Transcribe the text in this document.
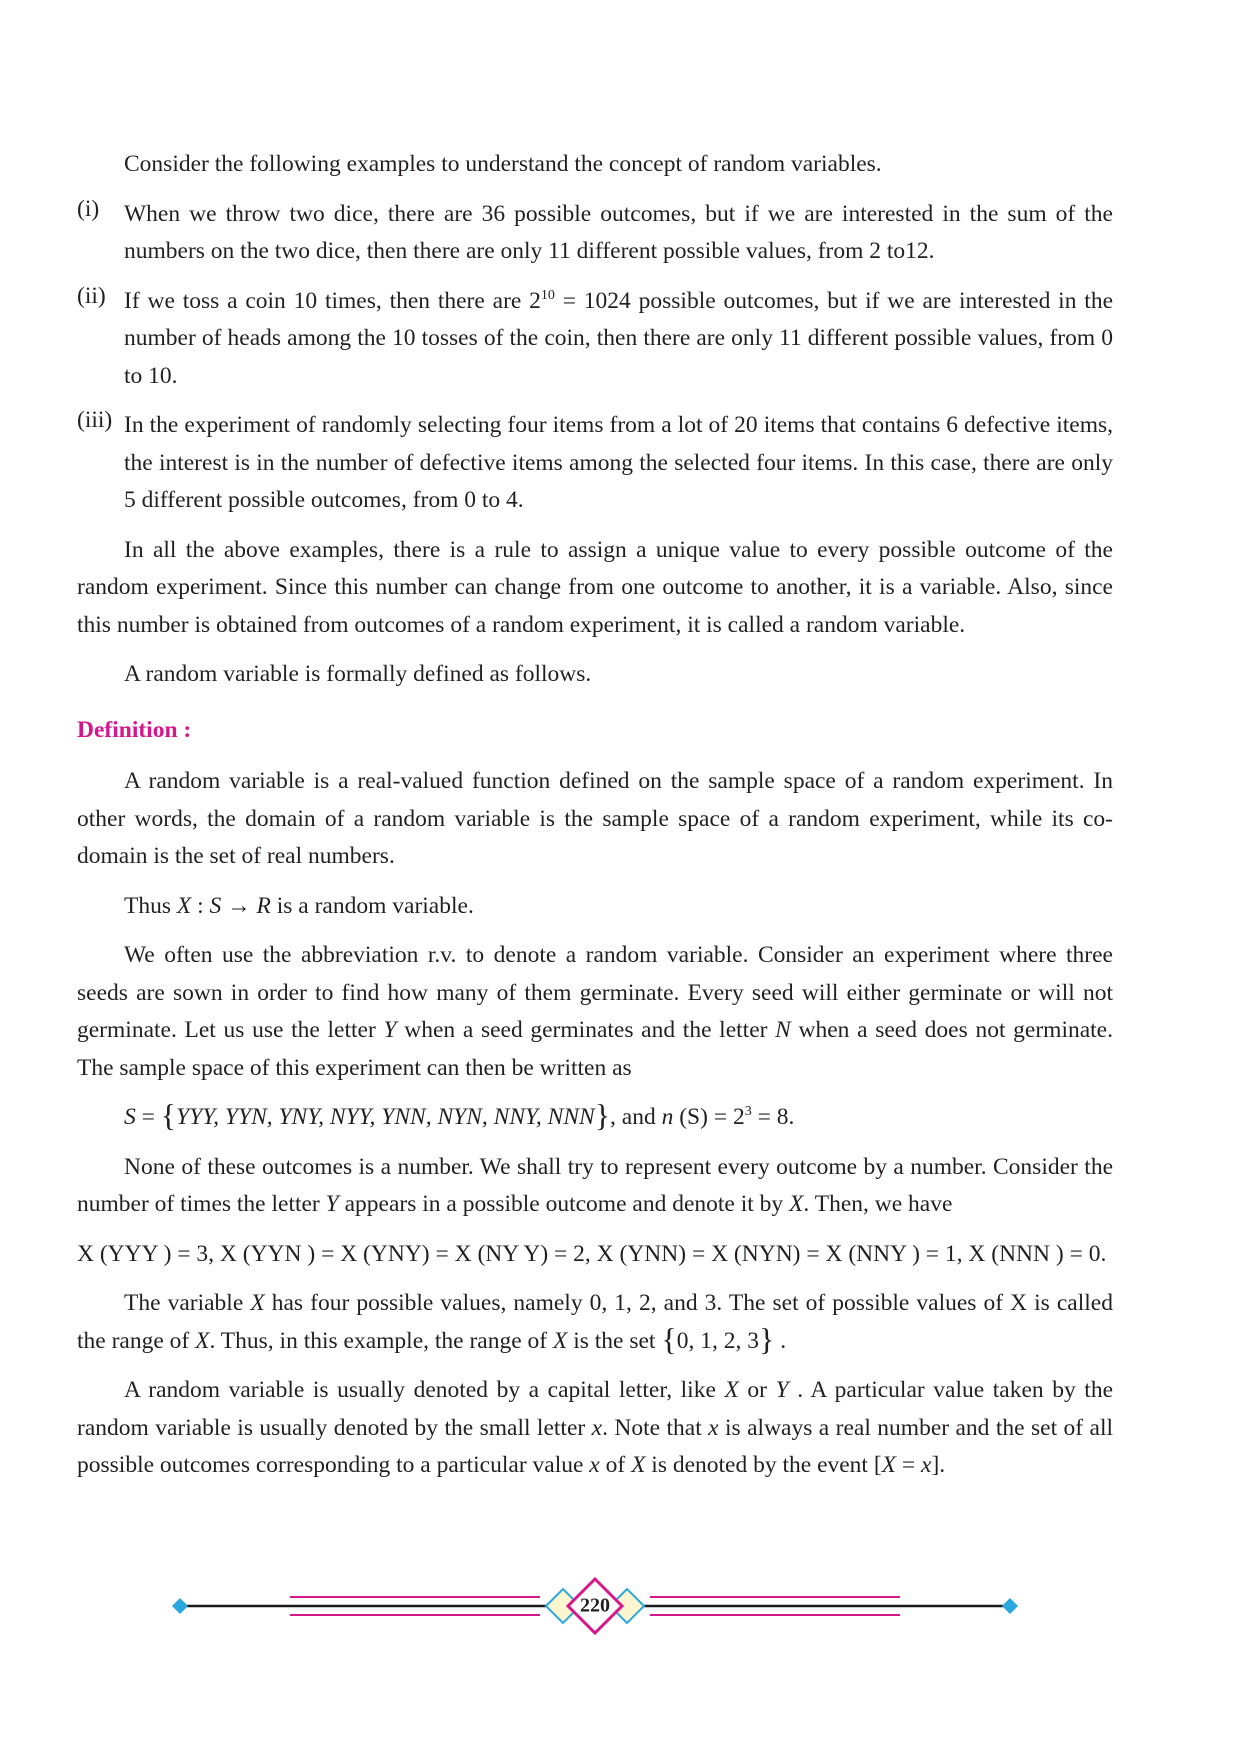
Consider the following examples to understand the concept of random variables.

(i) When we throw two dice, there are 36 possible outcomes, but if we are interested in the sum of the numbers on the two dice, then there are only 11 different possible values, from 2 to12.

(ii) If we toss a coin 10 times, then there are $2^{10} = 1024$ possible outcomes, but if we are interested in the number of heads among the 10 tosses of the coin, then there are only 11 different possible values, from 0 to 10.

(iii) In the experiment of randomly selecting four items from a lot of 20 items that contains 6 defective items, the interest is in the number of defective items among the selected four items. In this case, there are only 5 different possible outcomes, from 0 to 4.

In all the above examples, there is a rule to assign a unique value to every possible outcome of the random experiment. Since this number can change from one outcome to another, it is a variable. Also, since this number is obtained from outcomes of a random experiment, it is called a random variable.

A random variable is formally defined as follows.

Definition :

A random variable is a real-valued function defined on the sample space of a random experiment. In other words, the domain of a random variable is the sample space of a random experiment, while its co-domain is the set of real numbers.

Thus X : S → R is a random variable.

We often use the abbreviation r.v. to denote a random variable. Consider an experiment where three seeds are sown in order to find how many of them germinate. Every seed will either germinate or will not germinate. Let us use the letter Y when a seed germinates and the letter N when a seed does not germinate. The sample space of this experiment can then be written as

S = {YYY, YYN, YNY, NYY, YNN, NYN, NNY, NNN}, and n $(S) = 2^3 = 8$.

None of these outcomes is a number. We shall try to represent every outcome by a number. Consider the number of times the letter Y appears in a possible outcome and denote it by X. Then, we have

X (YYY ) = 3, X (YYN ) = X (YNY) = X (NY Y) = 2, X (YNN) = X (NYN) = X (NNY ) = 1, X (NNN ) = 0.

The variable X has four possible values, namely 0, 1, 2, and 3. The set of possible values of X is called the range of X. Thus, in this example, the range of X is the set {0, 1, 2, 3} .

A random variable is usually denoted by a capital letter, like X or Y . A particular value taken by the random variable is usually denoted by the small letter x. Note that x is always a real number and the set of all possible outcomes corresponding to a particular value x of X is denoted by the event [X = x].

220
